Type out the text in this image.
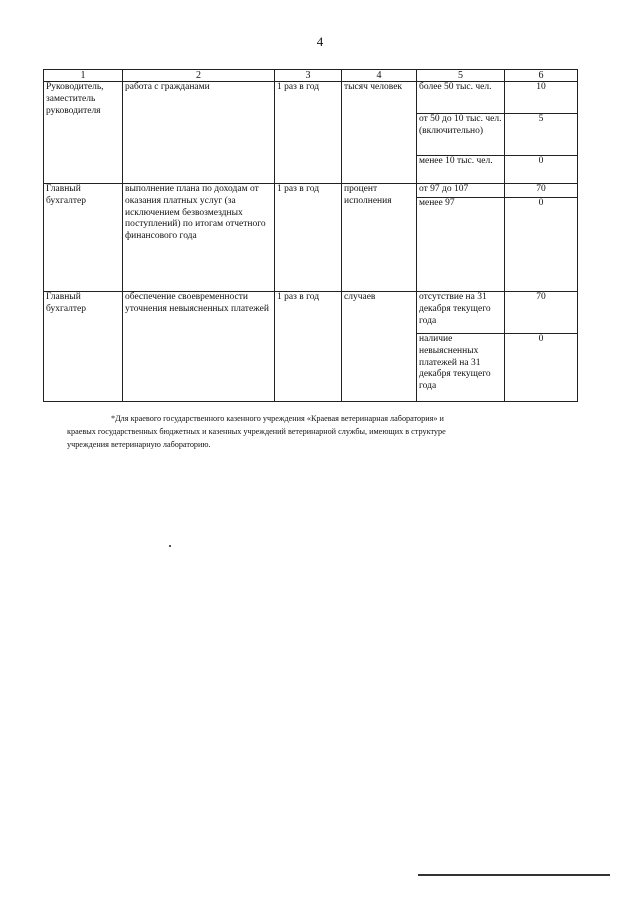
4
1	2	3	4	5	6
Руководитель, заместитель руководителя	работа с гражданами	1 раз в год	тысяч человек	более 50 тыс. чел.	10
				от 50 до 10 тыс. чел. (включительно)	5
				менее 10 тыс. чел.	0
Главный бухгалтер	выполнение плана по доходам от оказания платных услуг (за исключением безвозмездных поступлений) по итогам отчетного финансового года	1 раз в год	процент исполнения	от 97 до 107	70
				менее 97	0
Главный бухгалтер	обеспечение своевременности уточнения невыясненных платежей	1 раз в год	случаев	отсутствие на 31 декабря текущего года	70
				наличие невыясненных платежей на 31 декабря текущего года	0

*Для краевого государственного казенного учреждения «Краевая ветеринарная лаборатория» и

краевых государственных бюджетных и казенных учреждений ветеринарной службы, имеющих в структуре

учреждения ветеринарную лабораторию.
